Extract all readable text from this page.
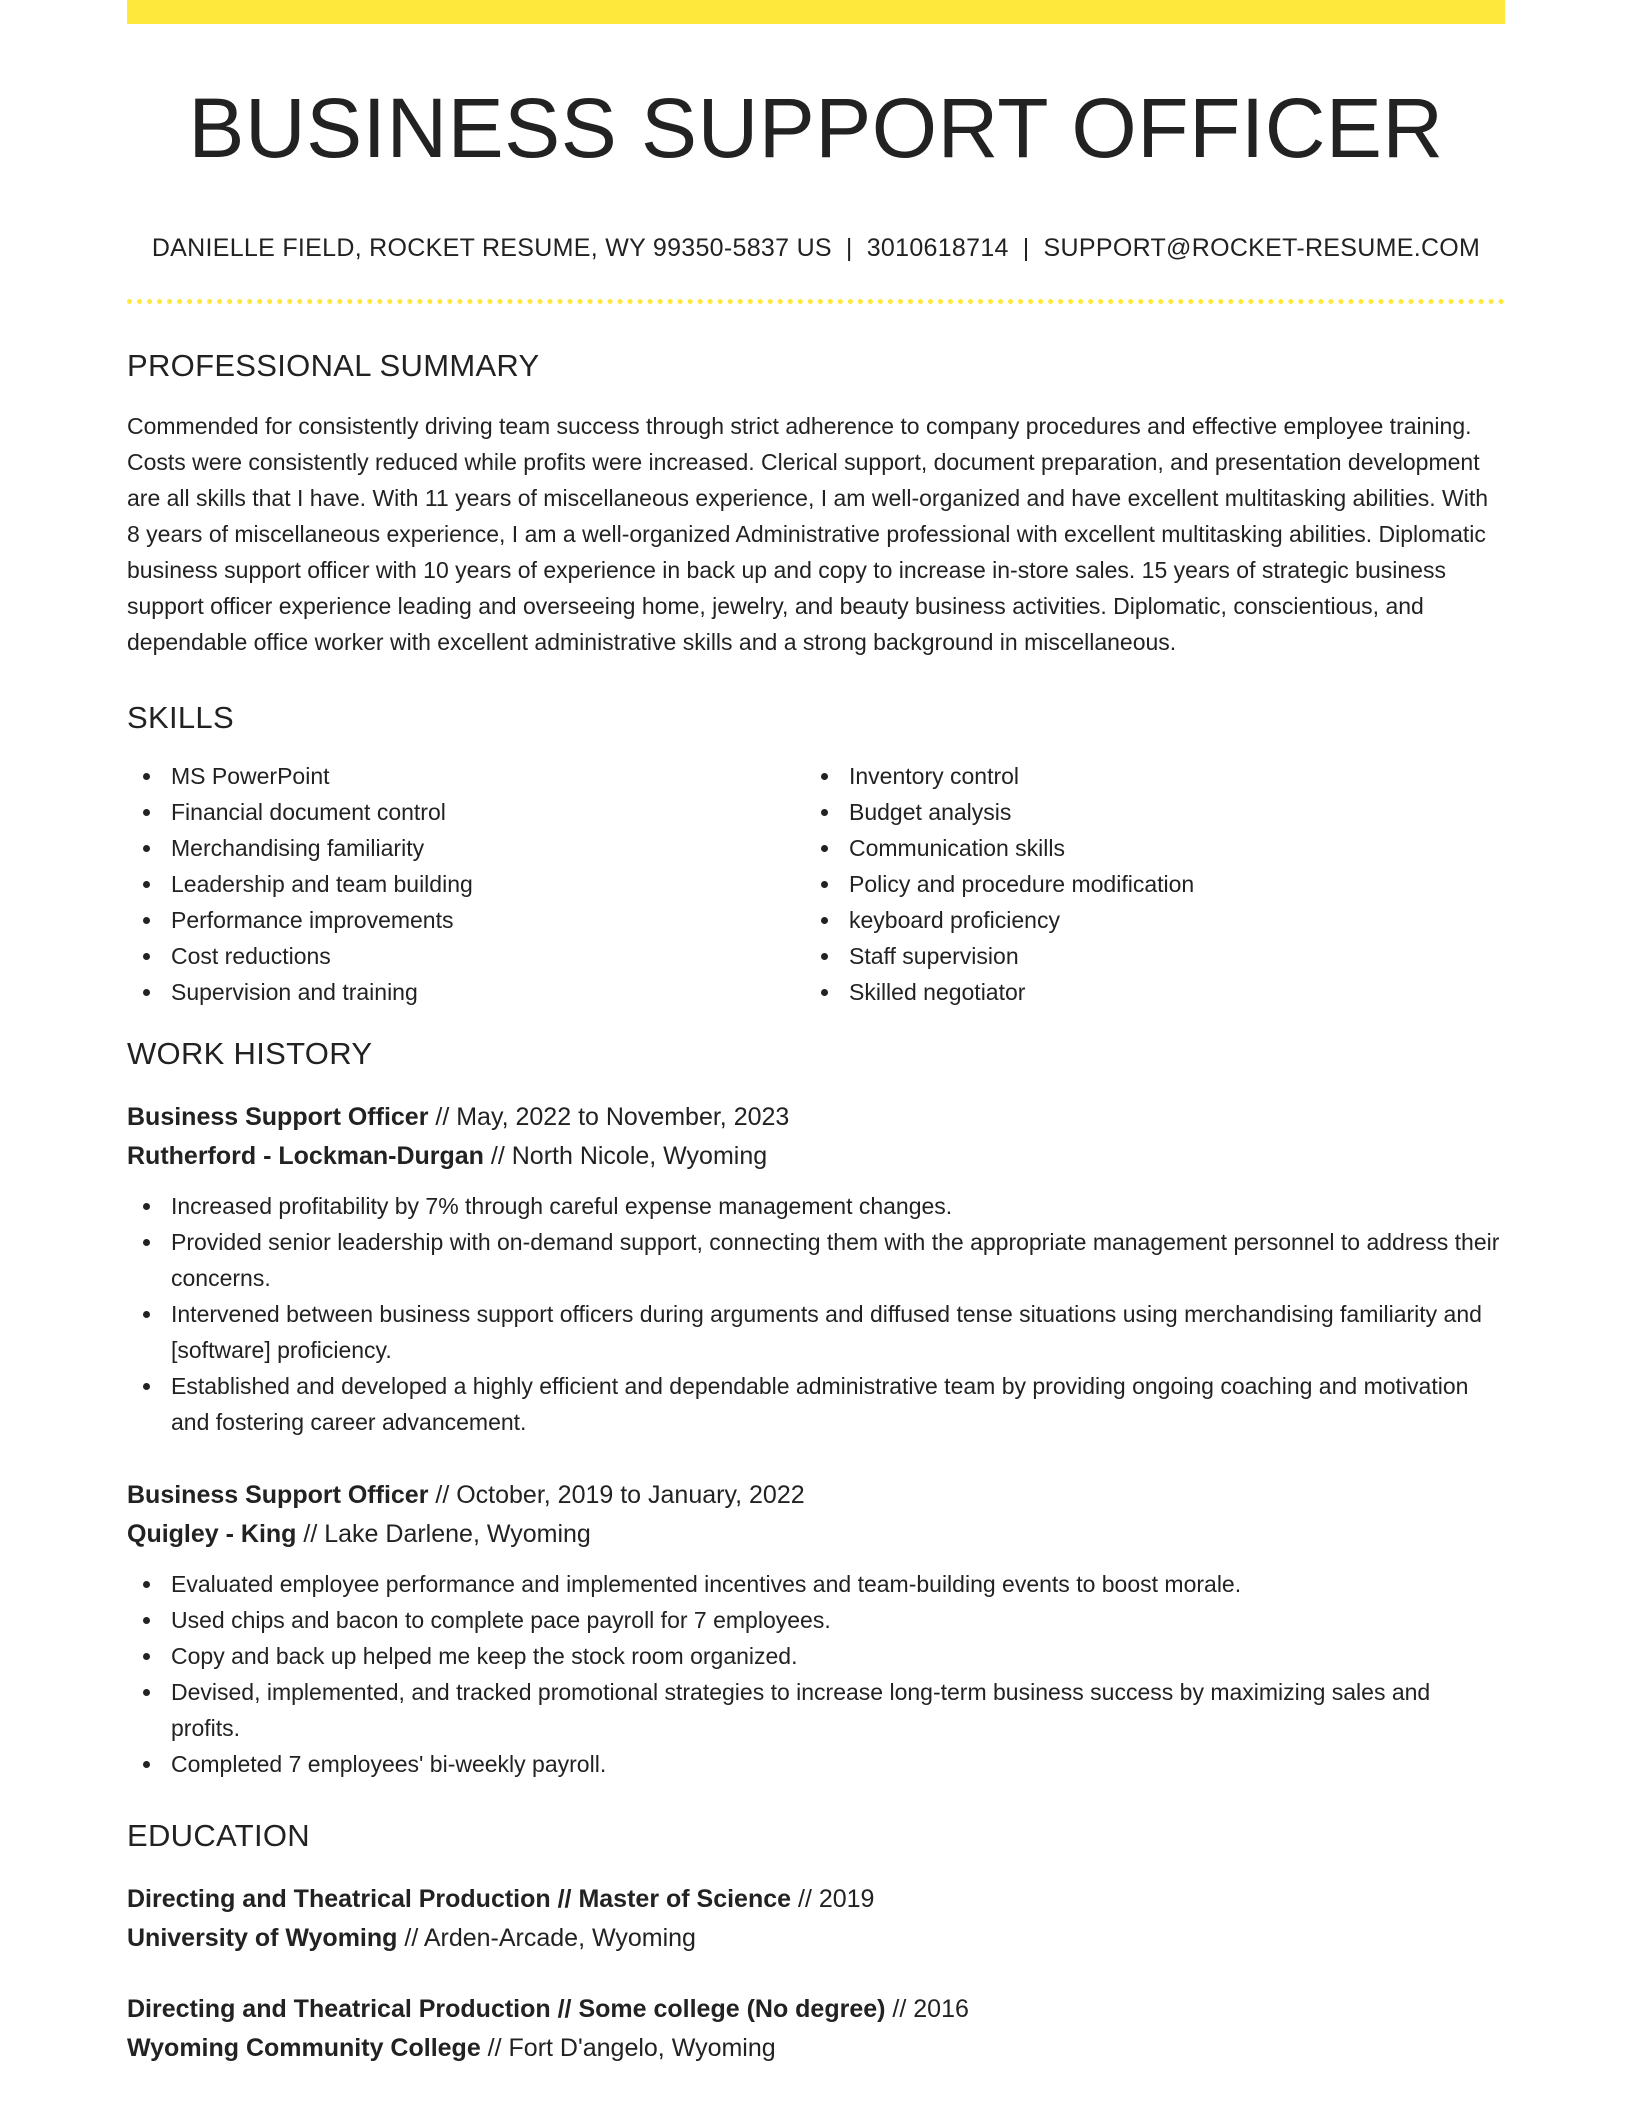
BUSINESS SUPPORT OFFICER
DANIELLE FIELD, ROCKET RESUME, WY 99350-5837 US | 3010618714 | SUPPORT@ROCKET-RESUME.COM
PROFESSIONAL SUMMARY

Commended for consistently driving team success through strict adherence to company procedures and effective employee training. Costs were consistently reduced while profits were increased. Clerical support, document preparation, and presentation development are all skills that I have. With 11 years of miscellaneous experience, I am well-organized and have excellent multitasking abilities. With 8 years of miscellaneous experience, I am a well-organized Administrative professional with excellent multitasking abilities. Diplomatic business support officer with 10 years of experience in back up and copy to increase in-store sales. 15 years of strategic business support officer experience leading and overseeing home, jewelry, and beauty business activities. Diplomatic, conscientious, and dependable office worker with excellent administrative skills and a strong background in miscellaneous.

SKILLS
MS PowerPoint
Financial document control
Merchandising familiarity
Leadership and team building
Performance improvements
Cost reductions
Supervision and training
Inventory control
Budget analysis
Communication skills
Policy and procedure modification
keyboard proficiency
Staff supervision
Skilled negotiator
WORK HISTORY
Business Support Officer // May, 2022 to November, 2023
Rutherford - Lockman-Durgan // North Nicole, Wyoming
Increased profitability by 7% through careful expense management changes.
Provided senior leadership with on-demand support, connecting them with the appropriate management personnel to address their concerns.
Intervened between business support officers during arguments and diffused tense situations using merchandising familiarity and [software] proficiency.
Established and developed a highly efficient and dependable administrative team by providing ongoing coaching and motivation and fostering career advancement.
Business Support Officer // October, 2019 to January, 2022
Quigley - King // Lake Darlene, Wyoming
Evaluated employee performance and implemented incentives and team-building events to boost morale.
Used chips and bacon to complete pace payroll for 7 employees.
Copy and back up helped me keep the stock room organized.
Devised, implemented, and tracked promotional strategies to increase long-term business success by maximizing sales and profits.
Completed 7 employees' bi-weekly payroll.
EDUCATION
Directing and Theatrical Production // Master of Science // 2019
University of Wyoming // Arden-Arcade, Wyoming
Directing and Theatrical Production // Some college (No degree) // 2016
Wyoming Community College // Fort D'angelo, Wyoming
